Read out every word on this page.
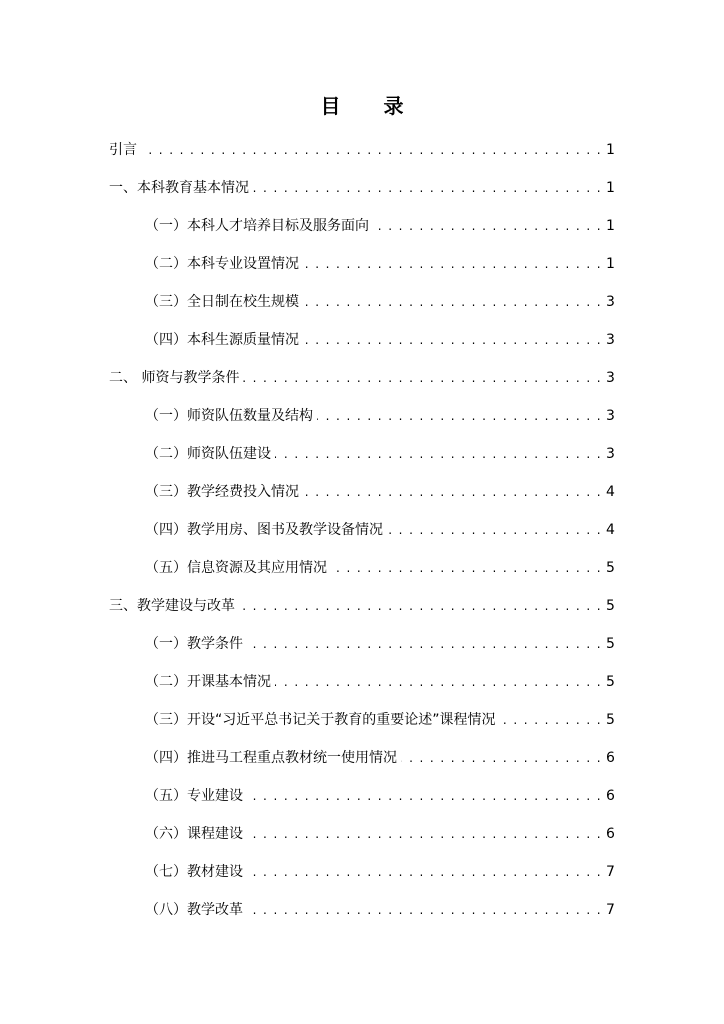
目 录
引言 . . .	1
一、本科教育基本情况 . . .	1
（一）本科人才培养目标及服务面向 . . .	1
（二）本科专业设置情况 . . .	1
（三）全日制在校生规模 . . .	3
（四）本科生源质量情况 . . .	3
二、 师资与教学条件 . . .	3
（一）师资队伍数量及结构 . . .	3
（二）师资队伍建设 . . .	3
（三）教学经费投入情况 . . .	4
（四）教学用房、图书及教学设备情况 . . .	4
（五）信息资源及其应用情况 . . .	5
三、教学建设与改革 . . .	5
（一）教学条件 . . .	5
（二）开课基本情况 . . .	5
（三）开设“习近平总书记关于教育的重要论述”课程情况 . . .	5
（四）推进马工程重点教材统一使用情况 . . .	6
（五）专业建设 . . .	6
（六）课程建设 . . .	6
（七）教材建设 . . .	7
（八）教学改革 . . .	7
